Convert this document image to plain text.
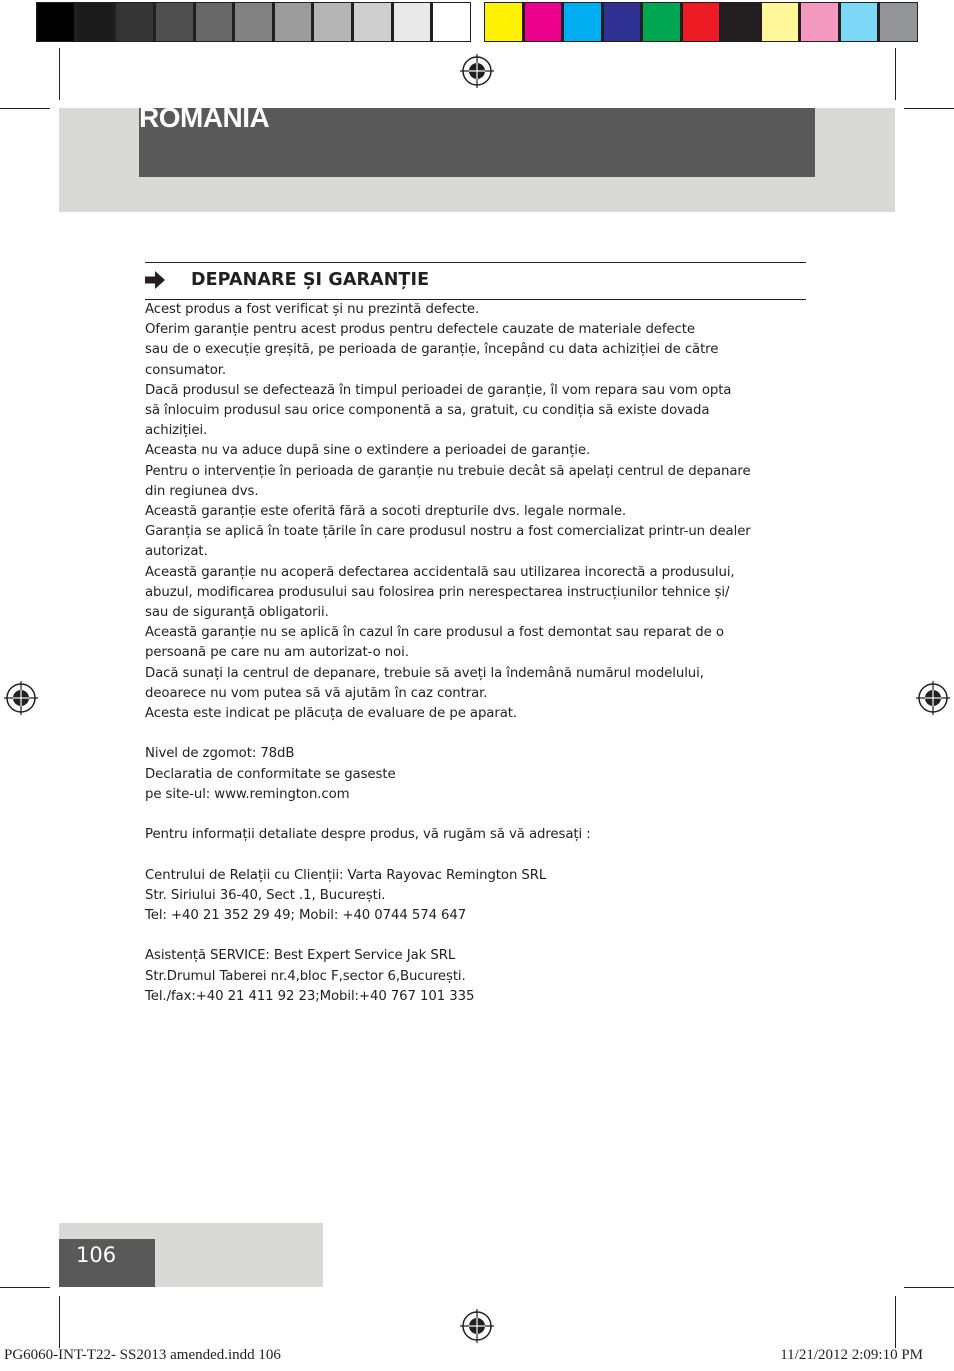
ROMANIA
DEPANARE ȘI GARANȚIE

Acest produs a fost verificat și nu prezintă defecte.

Oferim garanție pentru acest produs pentru defectele cauzate de materiale defecte

sau de o execuție greșită, pe perioada de garanție, începând cu data achiziției de către

consumator.

Dacă produsul se defectează în timpul perioadei de garanție, îl vom repara sau vom opta

să înlocuim produsul sau orice componentă a sa, gratuit, cu condiția să existe dovada

achiziției.

Aceasta nu va aduce după sine o extindere a perioadei de garanție.

Pentru o intervenție în perioada de garanție nu trebuie decât să apelați centrul de depanare

din regiunea dvs.

Această garanție este oferită fără a socoti drepturile dvs. legale normale.

Garanția se aplică în toate țările în care produsul nostru a fost comercializat printr-un dealer

autorizat.

Această garanție nu acoperă defectarea accidentală sau utilizarea incorectă a produsului,

abuzul, modificarea produsului sau folosirea prin nerespectarea instrucțiunilor tehnice și/

sau de siguranță obligatorii.

Această garanție nu se aplică în cazul în care produsul a fost demontat sau reparat de o

persoană pe care nu am autorizat-o noi.

Dacă sunați la centrul de depanare, trebuie să aveți la îndemână numărul modelului,

deoarece nu vom putea să vă ajutăm în caz contrar.

Acesta este indicat pe plăcuța de evaluare de pe aparat.

Nivel de zgomot: 78dB

Declaratia de conformitate se gaseste

pe site-ul: www.remington.com

Pentru informații detaliate despre produs, vă rugăm să vă adresați :

Centrului de Relații cu Clienții: Varta Rayovac Remington SRL

Str. Siriului 36-40, Sect .1, București.

Tel: +40 21 352 29 49; Mobil: +40 0744 574 647

Asistență SERVICE: Best Expert Service Jak SRL

Str.Drumul Taberei nr.4,bloc F,sector 6,București.

Tel./fax:+40 21 411 92 23;Mobil:+40 767 101 335

106
PG6060-INT-T22- SS2013 amended.indd 106	11/21/2012 2:09:10 PM
